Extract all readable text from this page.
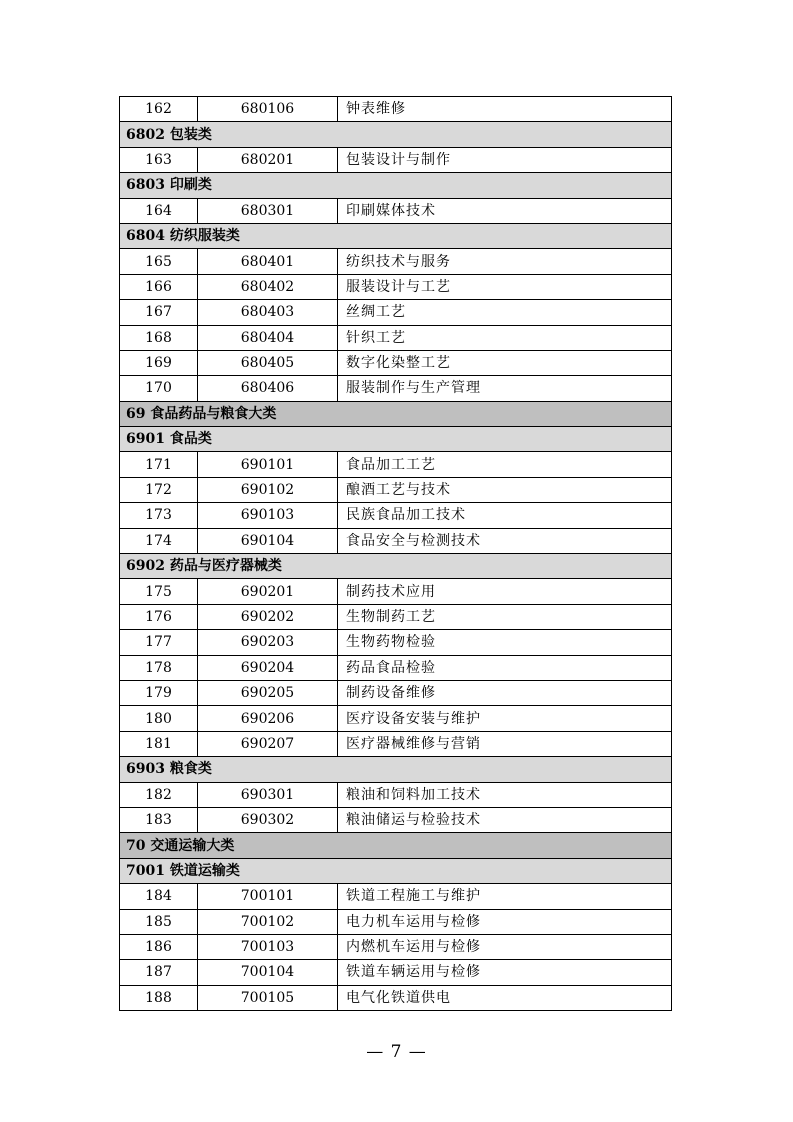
162	680106	钟表维修
6802 包装类		
163	680201	包装设计与制作
6803 印刷类		
164	680301	印刷媒体技术
6804 纺织服装类		
165	680401	纺织技术与服务
166	680402	服装设计与工艺
167	680403	丝绸工艺
168	680404	针织工艺
169	680405	数字化染整工艺
170	680406	服装制作与生产管理
69 食品药品与粮食大类		
6901 食品类		
171	690101	食品加工工艺
172	690102	酿酒工艺与技术
173	690103	民族食品加工技术
174	690104	食品安全与检测技术
6902 药品与医疗器械类		
175	690201	制药技术应用
176	690202	生物制药工艺
177	690203	生物药物检验
178	690204	药品食品检验
179	690205	制药设备维修
180	690206	医疗设备安装与维护
181	690207	医疗器械维修与营销
6903 粮食类		
182	690301	粮油和饲料加工技术
183	690302	粮油储运与检验技术
70 交通运输大类		
7001 铁道运输类		
184	700101	铁道工程施工与维护
185	700102	电力机车运用与检修
186	700103	内燃机车运用与检修
187	700104	铁道车辆运用与检修
188	700105	电气化铁道供电
— 7 —
